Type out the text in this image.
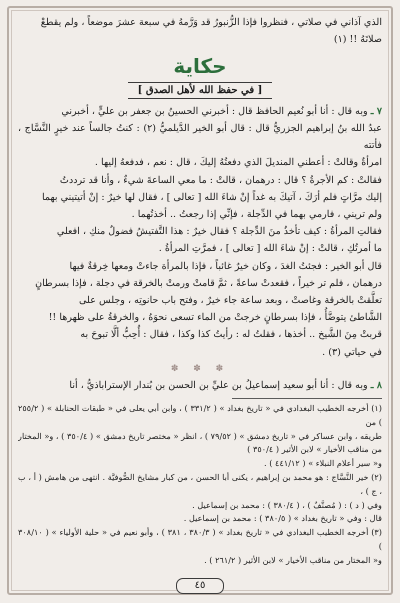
الذي آذاني في صلاتي ، فنظروا فإذا الزُّنبورُ قد وَرَّمهُ في سبعة عشرَ موضعاً ، ولم يقطعْ
صلاتَهُ !! (١)
حكاية
[ في حفظ الله لأهل الصدق ]
٧ ـ وبه قال : أنا أبو نُعيم الحافظ قال : أخبرني الحسينُ بن جعفر بن عليٍّ ، أخبرني
عبدُ الله بنُ إبراهيم الجزريُّ قال : قال أبو الخير الدَّيلميُّ (٢) : كنتُ جالساً عند خيرٍ النَّسَّاج ، فأتته
امرأةٌ وقالتْ : أعطني المنديلَ الذي دفعتُهُ إليكَ ، قال : نعم ، فدفعهُ إليها .
فقالتْ : كم الأجرةُ ؟ قال : درهمان ، قالتْ : ما معي الساعةَ شيءٌ ، وأنا قد ترددتُ
إليك مرَّاتٍ فلم أرَكَ ، آتيكَ به غداً إنْ شاءَ الله [ تعالى ] ، فقال لها خيرٌ : إنْ أتيتيني بهما
ولم تريني ، فارمي بهما في الدِّجلة ، فإنِّي إذا رجعتُ .. أخذتُهما .
فقالتِ المرأةُ : كيف تأخذُ منَ الدِّجلة ؟ فقال خيرٌ : هذا التَّفتيشُ فضولٌ منكِ ، افعلي
ما أمرتُكِ ، قالتْ : إنْ شاءَ الله [ تعالى ] ، فمرَّتِ المرأةُ .
قال أبو الخير : فجئتُ الغدَ ، وكان خيرٌ غائباً ، فإذا بالمرأة جاءتْ ومعها خِرقةٌ فيها
درهمان ، فلم تر خيراً ، فقعدتْ ساعةً ، ثمَّ قامتْ ورمتْ بالخرقة في دجلة ، فإذا بسرطانٍ
تعلَّقتْ بالخرقة وغاصتْ ، وبعد ساعة جاء خيرٌ ، وفتح باب حانوتِه ، وجلس على
الشَّاطئ يتوضَّأُ ، فإذا بسرطانٍ خرجتْ من الماء تسعى نحوَهُ ، والخرقةُ على ظهرها !!
قربتْ مِنَ الشَّيخ .. أخذها ، فقلتُ له : رأيتُ كذا وكذا ، فقال : أُحِبُّ ألَّا تبوحَ به
في حياتي (٣) .
✽ ✽ ✽
٨ ـ وبه قال : أنا أبو سعيد إسماعيلُ بن عليِّ بن الحسن بن بُندار الإستراباذيُّ ، أنا
(١) أخرجه الخطيب البغدادي في « تاريخ بغداد » ( ٣٣١/٢ ) ، وابن أبي يعلى في « طبقات الحنابلة » ( ٢٥٥/٢ ) من
طريقه ، وابن عساكر في « تاريخ دمشق » ( ٧٩/٥٢ ) ، انظر « مختصر تاريخ دمشق » ( ٣٥٠/٤ ) ، و« المختار من مناقب الأخيار » لابن الأثير ( ٣٥٠/٤ )
و« سير أعلام النبلاء » ( ٤٤١/١٢ ) .
(٢) خير النَّسَّاج : هو محمد بن إبراهيم ، يكنى أبا الحسن ، من كبار مشايخ الصُّوفيَّة . انتهى من هامش ( أ ، ب ، ج ) ،
وفي ( د ) : ( مُصنَّفٌ ) ، ( ٣٨٠/٤ ) : محمد بن إسماعيل .
قال : وفي « تاريخ بغداد » ( ٣٨٠/٥ ) : محمد بن إسماعيل .
(٣) أخرجه الخطيب البغدادي في « تاريخ بغداد » ( ٣٨٠/٣ ، ٣٨١ ) ، وأبو نعيم في « حلية الأولياء » ( ٣٠٨/١٠ )
و« المختار من مناقب الأخيار » لابن الأثير ( ٢٦١/٢ ) .
٤٥
